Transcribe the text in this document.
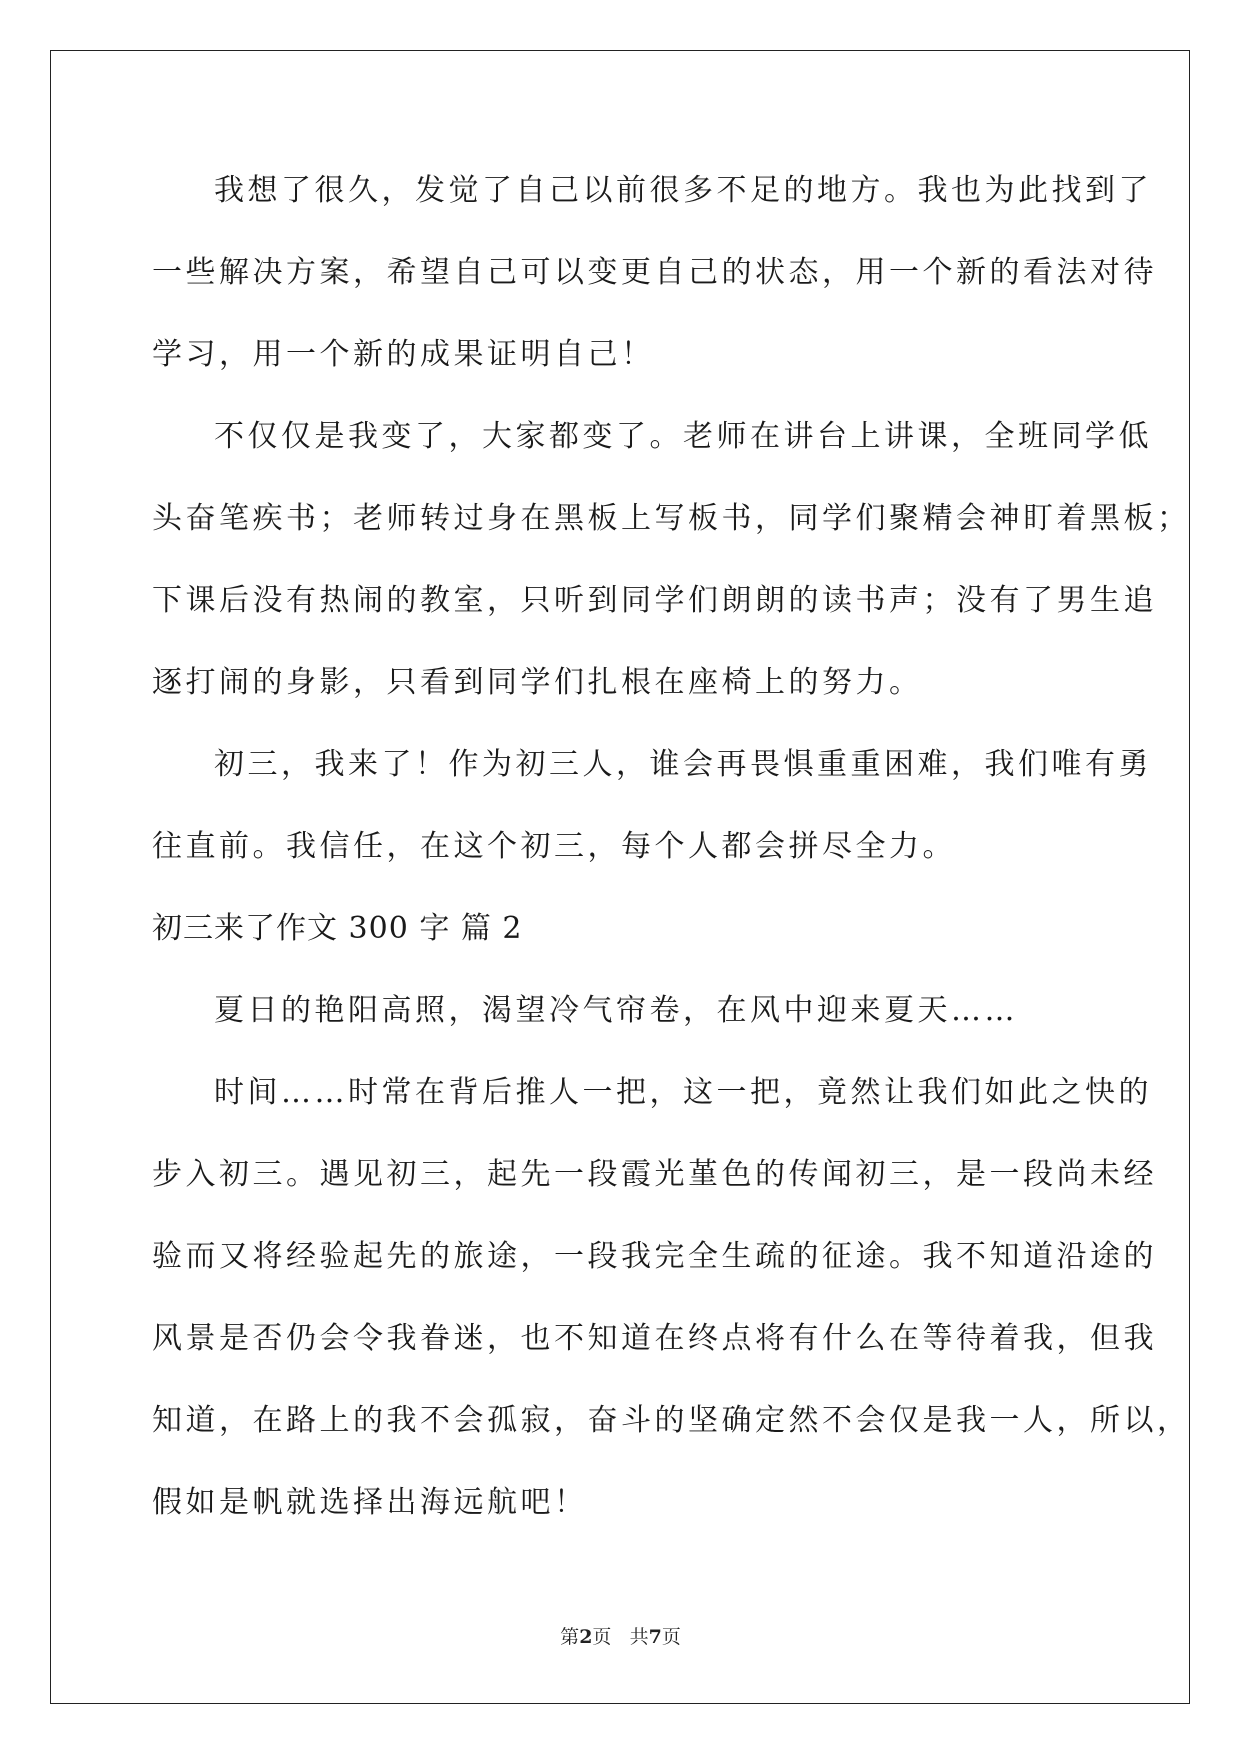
我想了很久，发觉了自己以前很多不足的地方。我也为此找到了
一些解决方案，希望自己可以变更自己的状态，用一个新的看法对待
学习，用一个新的成果证明自己！
不仅仅是我变了，大家都变了。老师在讲台上讲课，全班同学低
头奋笔疾书；老师转过身在黑板上写板书，同学们聚精会神盯着黑板；
下课后没有热闹的教室，只听到同学们朗朗的读书声；没有了男生追
逐打闹的身影，只看到同学们扎根在座椅上的努力。
初三，我来了！作为初三人，谁会再畏惧重重困难，我们唯有勇
往直前。我信任，在这个初三，每个人都会拼尽全力。
初三来了作文 300 字 篇 2
夏日的艳阳高照，渴望冷气帘卷，在风中迎来夏天……
时间……时常在背后推人一把，这一把，竟然让我们如此之快的
步入初三。遇见初三，起先一段霞光堇色的传闻初三，是一段尚未经
验而又将经验起先的旅途，一段我完全生疏的征途。我不知道沿途的
风景是否仍会令我眷迷，也不知道在终点将有什么在等待着我，但我
知道，在路上的我不会孤寂，奋斗的坚确定然不会仅是我一人，所以，
假如是帆就选择出海远航吧！
第2页 共7页
